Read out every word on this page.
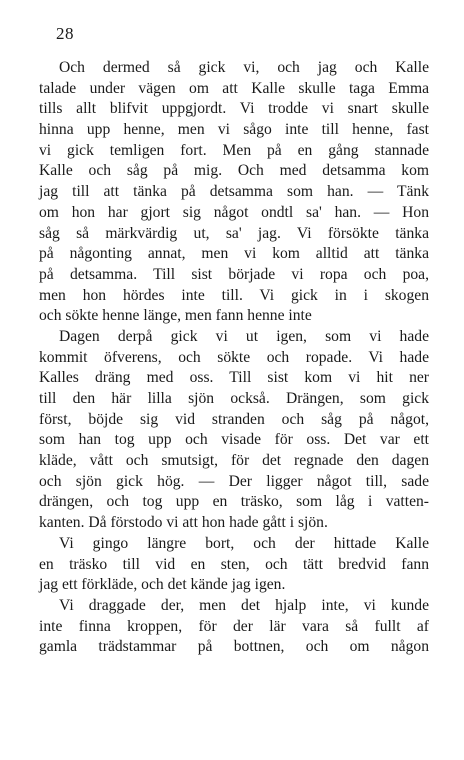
28
Och dermed så gick vi, och jag och Kalle
talade under vägen om att Kalle skulle taga Emma
tills allt blifvit uppgjordt. Vi trodde vi snart skulle
hinna upp henne, men vi sågo inte till henne, fast
vi gick temligen fort. Men på en gång stannade
Kalle och såg på mig. Och med detsamma kom
jag till att tänka på detsamma som han. — Tänk
om hon har gjort sig något ondtl sa' han. — Hon
såg så märkvärdig ut, sa' jag. Vi försökte tänka
på någonting annat, men vi kom alltid att tänka
på detsamma. Till sist började vi ropa och poa,
men hon hördes inte till. Vi gick in i skogen
och sökte henne länge, men fann henne inte
Dagen derpå gick vi ut igen, som vi hade
kommit öfverens, och sökte och ropade. Vi hade
Kalles dräng med oss. Till sist kom vi hit ner
till den här lilla sjön också. Drängen, som gick
först, böjde sig vid stranden och såg på något,
som han tog upp och visade för oss. Det var ett
kläde, vått och smutsigt, för det regnade den dagen
och sjön gick hög. — Der ligger något till, sade
drängen, och tog upp en träsko, som låg i vatten-
kanten. Då förstodo vi att hon hade gått i sjön.
Vi gingo längre bort, och der hittade Kalle
en träsko till vid en sten, och tätt bredvid fann
jag ett förkläde, och det kände jag igen.
Vi draggade der, men det hjalp inte, vi kunde
inte finna kroppen, för der lär vara så fullt af
gamla trädstammar på bottnen, och om någon
